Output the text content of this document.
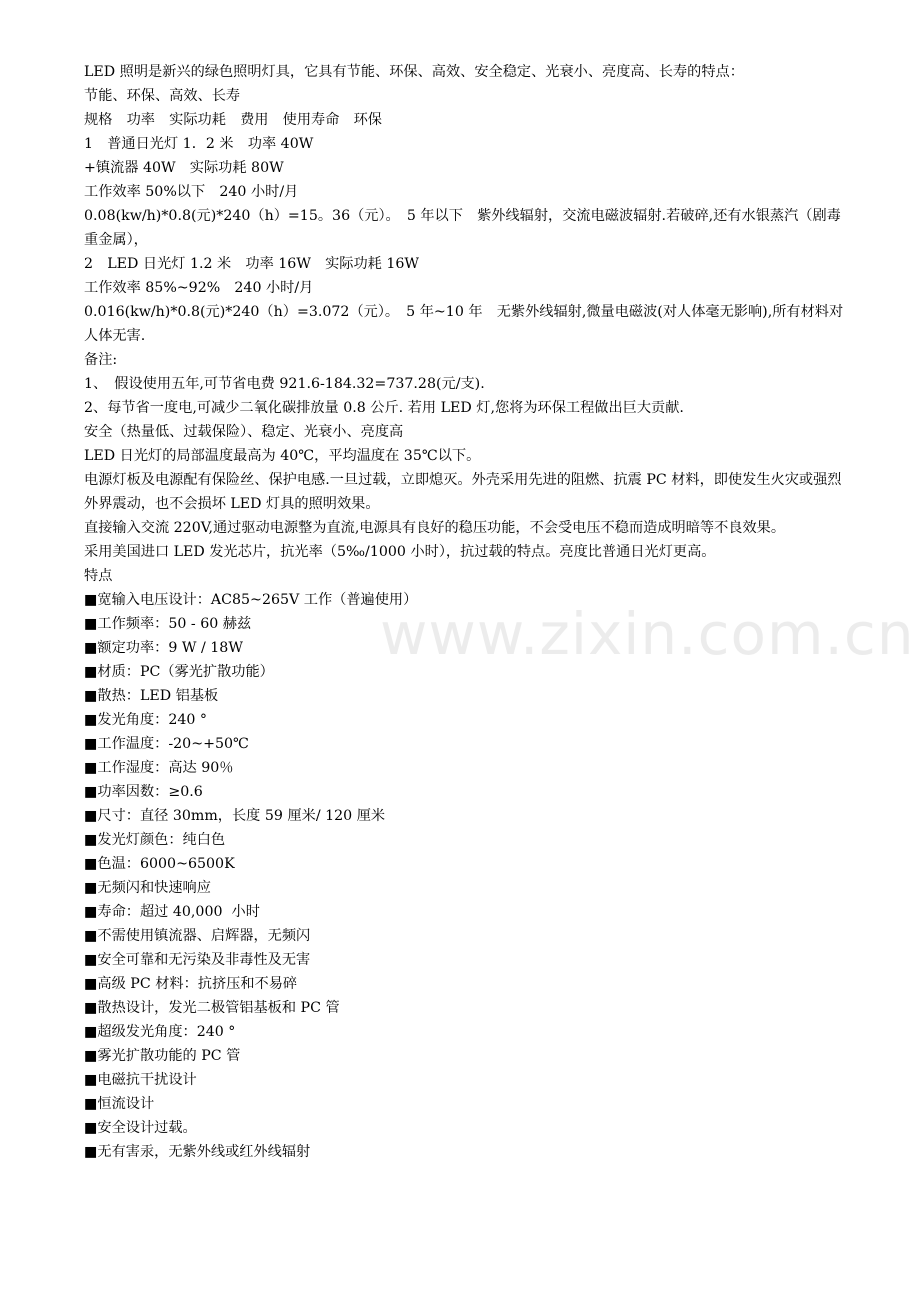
LED 照明是新兴的绿色照明灯具，它具有节能、环保、高效、安全稳定、光衰小、亮度高、长寿的特点：
节能、环保、高效、长寿
规格　功率　实际功耗　费用　使用寿命　环保
1　普通日光灯 1．2 米　功率 40W
+镇流器 40W　实际功耗 80W
工作效率 50%以下　240 小时/月
0.08(kw/h)*0.8(元)*240（h）=15。36（元）。　5 年以下　紫外线辐射，交流电磁波辐射.若破碎,还有水银蒸汽（剧毒重金属），
2　LED 日光灯 1.2 米　功率 16W　实际功耗 16W
工作效率 85%~92%　240 小时/月
0.016(kw/h)*0.8(元)*240（h）=3.072（元）。　5 年~10 年　无紫外线辐射,微量电磁波(对人体毫无影响),所有材料对人体无害.
备注:
1、　假设使用五年,可节省电费 921.6-184.32=737.28(元/支).
2、每节省一度电,可减少二氧化碳排放量 0.8 公斤. 若用 LED 灯,您将为环保工程做出巨大贡献.
安全（热量低、过载保险）、稳定、光衰小、亮度高
LED 日光灯的局部温度最高为 40℃，平均温度在 35℃以下。
电源灯板及电源配有保险丝、保护电感.一旦过载，立即熄灭。外壳采用先进的阻燃、抗震 PC 材料，即使发生火灾或强烈外界震动，也不会损坏 LED 灯具的照明效果。
直接输入交流 220V,通过驱动电源整为直流,电源具有良好的稳压功能，不会受电压不稳而造成明暗等不良效果。
采用美国进口 LED 发光芯片，抗光率（5‰/1000 小时），抗过载的特点。亮度比普通日光灯更高。
特点
■宽输入电压设计：AC85~265V 工作（普遍使用）
■工作频率：50 - 60 赫兹
■额定功率：9 W / 18W
■材质：PC（雾光扩散功能）
■散热：LED 铝基板
■发光角度：240 °
■工作温度：-20~+50℃
■工作湿度：高达 90％
■功率因数：≥0.6
■尺寸：直径 30mm，长度 59 厘米/ 120 厘米
■发光灯颜色：纯白色
■色温：6000~6500K
■无频闪和快速响应
■寿命：超过 40,000  小时
■不需使用镇流器、启辉器，无频闪
■安全可靠和无污染及非毒性及无害
■高级 PC 材料：抗挤压和不易碎
■散热设计，发光二极管铝基板和 PC 管
■超级发光角度：240 °
■雾光扩散功能的 PC 管
■电磁抗干扰设计
■恒流设计
■安全设计过载。
■无有害汞，无紫外线或红外线辐射
www.zixin.com.cn
